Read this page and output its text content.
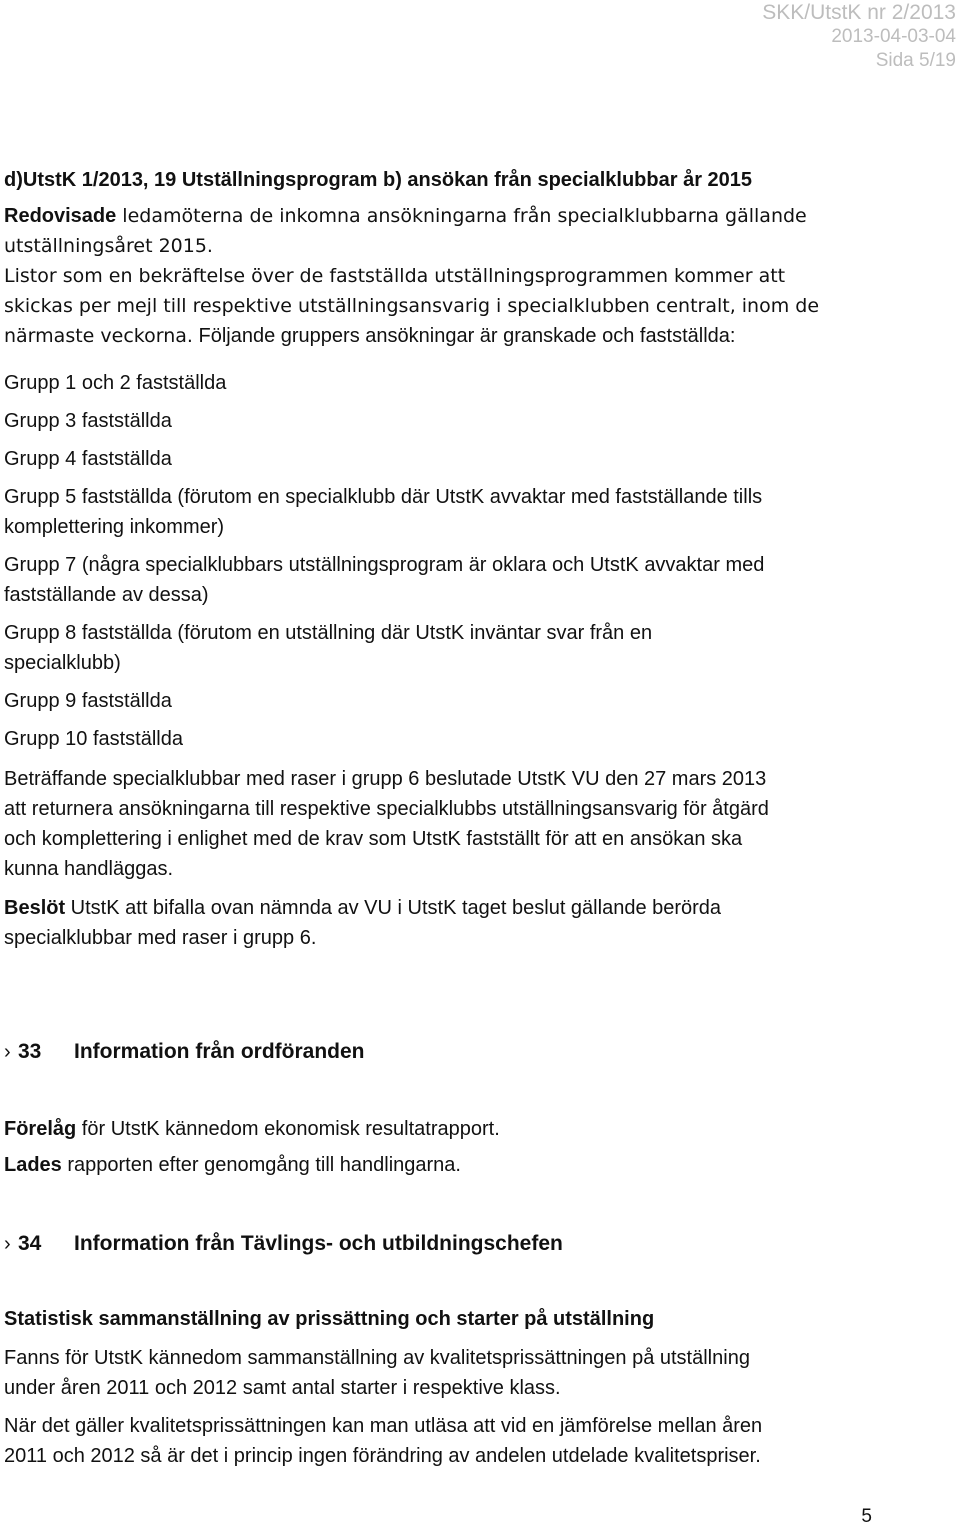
SKK/UtstK nr 2/2013
2013-04-03-04
Sida 5/19
d)UtstK 1/2013, 19 Utställningsprogram b) ansökan från specialklubbar år 2015

Redovisade ledamöterna de inkomna ansökningarna från specialklubbarna gällande

utställningsåret 2015.

Listor som en bekräftelse över de fastställda utställningsprogrammen kommer att

skickas per mejl till respektive utställningsansvarig i specialklubben centralt, inom de

närmaste veckorna. Följande gruppers ansökningar är granskade och fastställda:

Grupp 1 och 2 fastställda

Grupp 3 fastställda

Grupp 4 fastställda

Grupp 5 fastställda (förutom en specialklubb där UtstK avvaktar med fastställande tills

komplettering inkommer)

Grupp 7 (några specialklubbars utställningsprogram är oklara och UtstK avvaktar med

fastställande av dessa)

Grupp 8 fastställda (förutom en utställning där UtstK inväntar svar från en

specialklubb)

Grupp 9 fastställda

Grupp 10 fastställda

Beträffande specialklubbar med raser i grupp 6 beslutade UtstK VU den 27 mars 2013

att returnera ansökningarna till respektive specialklubbs utställningsansvarig för åtgärd

och komplettering i enlighet med de krav som UtstK fastställt för att en ansökan ska

kunna handläggas.

Beslöt UtstK att bifalla ovan nämnda av VU i UtstK taget beslut gällande berörda

specialklubbar med raser i grupp 6.

› 33 Information från ordföranden

Förelåg för UtstK kännedom ekonomisk resultatrapport.

Lades rapporten efter genomgång till handlingarna.

› 34 Information från Tävlings- och utbildningschefen
Statistisk sammanställning av prissättning och starter på utställning

Fanns för UtstK kännedom sammanställning av kvalitetsprissättningen på utställning

under åren 2011 och 2012 samt antal starter i respektive klass.

När det gäller kvalitetsprissättningen kan man utläsa att vid en jämförelse mellan åren

2011 och 2012 så är det i princip ingen förändring av andelen utdelade kvalitetspriser.

5
